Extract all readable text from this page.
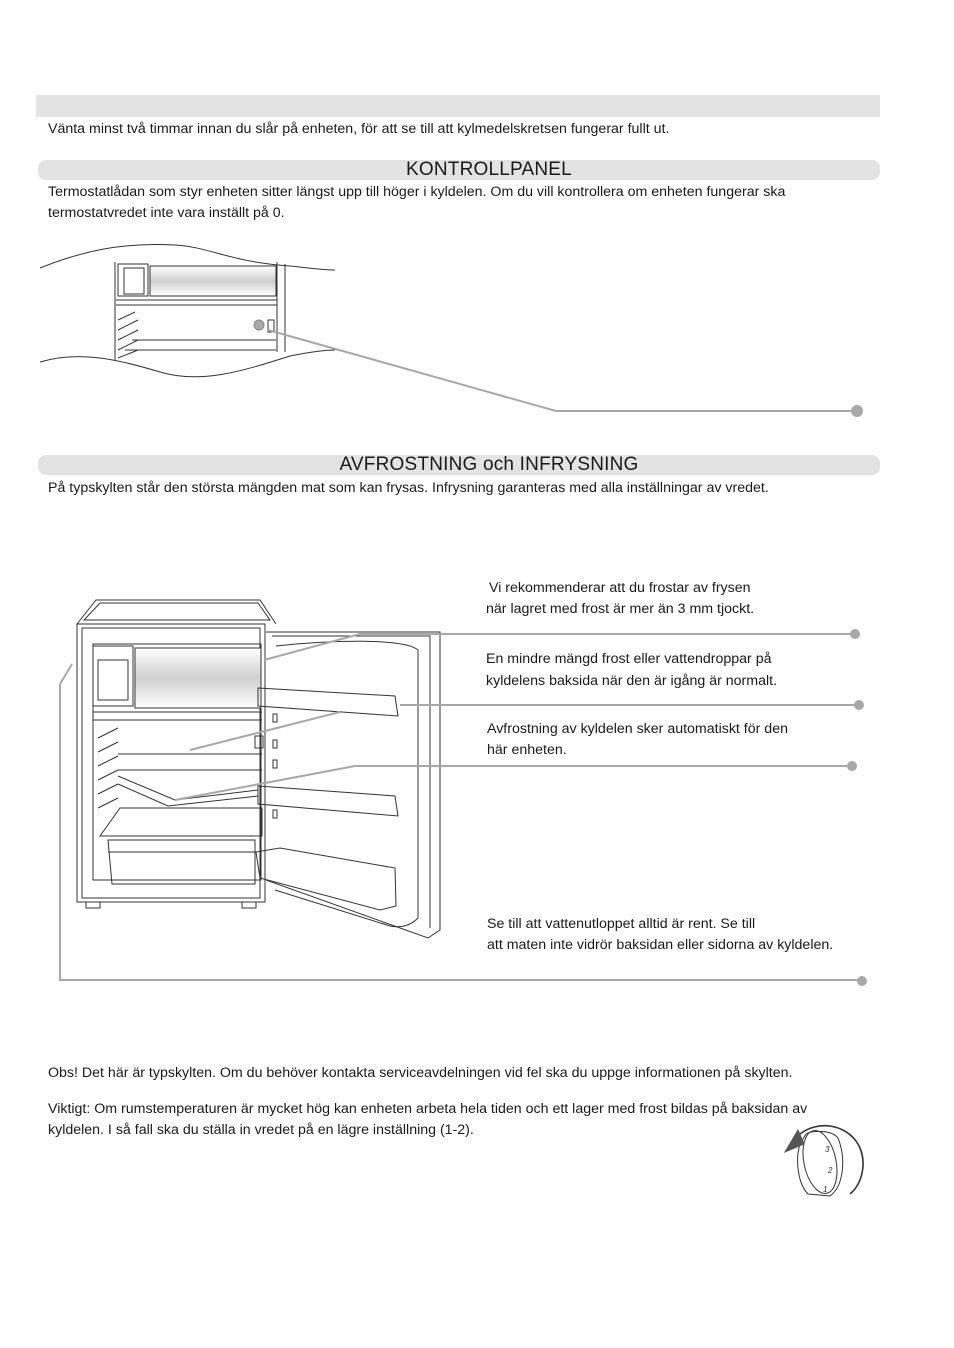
Vänta minst två timmar innan du slår på enheten, för att se till att kylmedelskretsen fungerar fullt ut.
KONTROLLPANEL
Termostatlådan som styr enheten sitter längst upp till höger i kyldelen. Om du vill kontrollera om enheten fungerar ska
termostatvredet inte vara inställt på 0.
AVFROSTNING och INFRYSNING
På typskylten står den största mängden mat som kan frysas. Infrysning garanteras med alla inställningar av vredet.
3
2
1
Vi rekommenderar att du frostar av frysen
när lagret med frost är mer än 3 mm tjockt.
En mindre mängd frost eller vattendroppar på
kyldelens baksida när den är igång är normalt.
Avfrostning av kyldelen sker automatiskt för den
här enheten.
Se till att vattenutloppet alltid är rent. Se till
att maten inte vidrör baksidan eller sidorna av kyldelen.
Obs! Det här är typskylten. Om du behöver kontakta serviceavdelningen vid fel ska du uppge informationen på skylten.
Viktigt: Om rumstemperaturen är mycket hög kan enheten arbeta hela tiden och ett lager med frost bildas på baksidan av
kyldelen. I så fall ska du ställa in vredet på en lägre inställning (1-2).
